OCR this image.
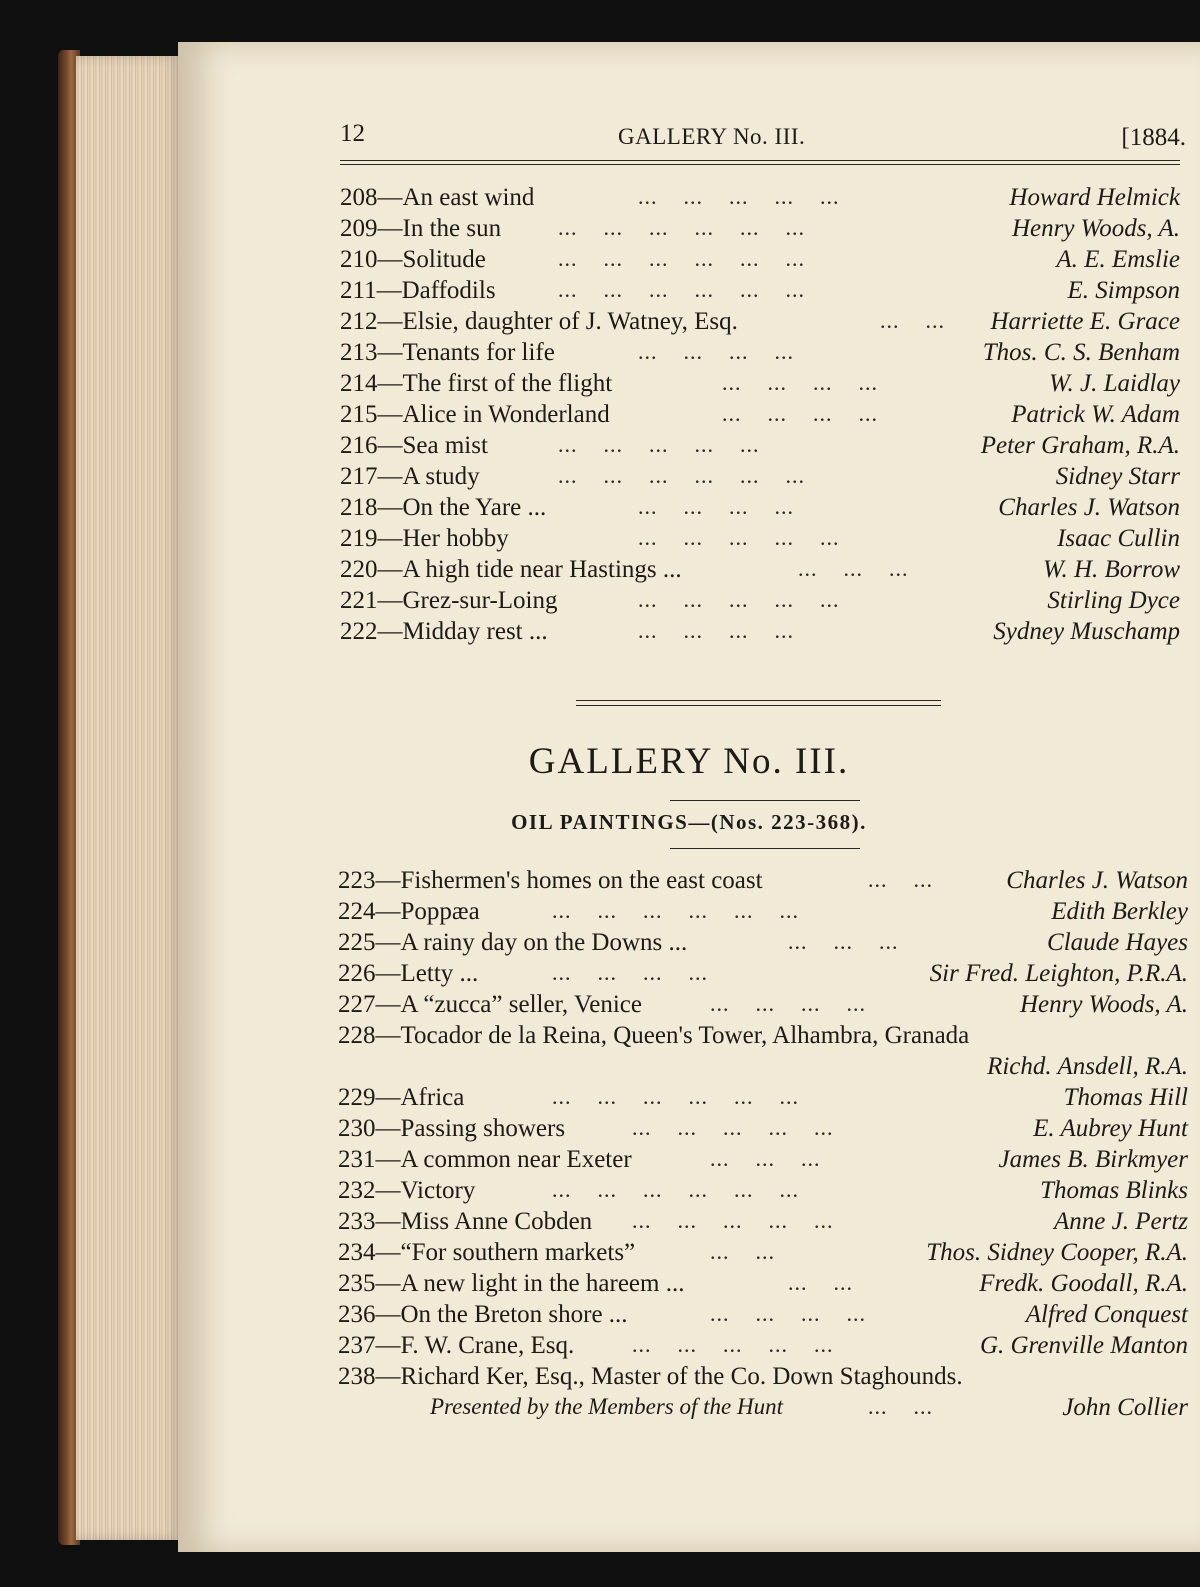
12	GALLERY No. III.	[1884.
208—An east wind	...    ...    ...    ...    ...	Howard Helmick
209—In the sun	...    ...    ...    ...    ...    ...	Henry Woods, A.
210—Solitude	...    ...    ...    ...    ...    ...	A. E. Emslie
211—Daffodils	...    ...    ...    ...    ...    ...	E. Simpson
212—Elsie, daughter of J. Watney, Esq.	...    ... Harriette E. Grace
213—Tenants for life	...    ...    ...    ...	Thos. C. S. Benham
214—The first of the flight	...    ...    ...    ...	W. J. Laidlay
215—Alice in Wonderland	...    ...    ...    ...	Patrick W. Adam
216—Sea mist	...    ...    ...    ...    ...	Peter Graham, R.A.
217—A study	...    ...    ...    ...    ...    ...	Sidney Starr
218—On the Yare ...	...    ...    ...    ...	Charles J. Watson
219—Her hobby	...    ...    ...    ...    ...	Isaac Cullin
220—A high tide near Hastings ...	...    ...    ...	W. H. Borrow
221—Grez-sur-Loing	...    ...    ...    ...    ...	Stirling Dyce
222—Midday rest ...	...    ...    ...    ...	Sydney Muschamp
GALLERY No. III.
OIL PAINTINGS—(Nos. 223-368).
223—Fishermen's homes on the east coast	...    ...	Charles J. Watson
224—Poppæa	...    ...    ...    ...    ...    ...	Edith Berkley
225—A rainy day on the Downs ...	...    ...    ...	Claude Hayes
226—Letty ...	...    ...    ...    ...	Sir Fred. Leighton, P.R.A.
227—A “zucca” seller, Venice	...    ...    ...    ...	Henry Woods, A.
228—Tocador de la Reina, Queen's Tower, Alhambra, Granada
Richd. Ansdell, R.A.
229—Africa	...    ...    ...    ...    ...    ...	Thomas Hill
230—Passing showers	...    ...    ...    ...    ...	E. Aubrey Hunt
231—A common near Exeter	...    ...    ...	James B. Birkmyer
232—Victory	...    ...    ...    ...    ...    ...	Thomas Blinks
233—Miss Anne Cobden ...    ...    ...    ...    ...	Anne J. Pertz
234—“For southern markets”	...    ...	Thos. Sidney Cooper, R.A.
235—A new light in the hareem ...	...    ...	Fredk. Goodall, R.A.
236—On the Breton shore ...	...    ...    ...    ...	Alfred Conquest
237—F. W. Crane, Esq.	...    ...    ...    ...    ...	G. Grenville Manton
238—Richard Ker, Esq., Master of the Co. Down Staghounds.
Presented by the Members of the Hunt	...    ...	John Collier
